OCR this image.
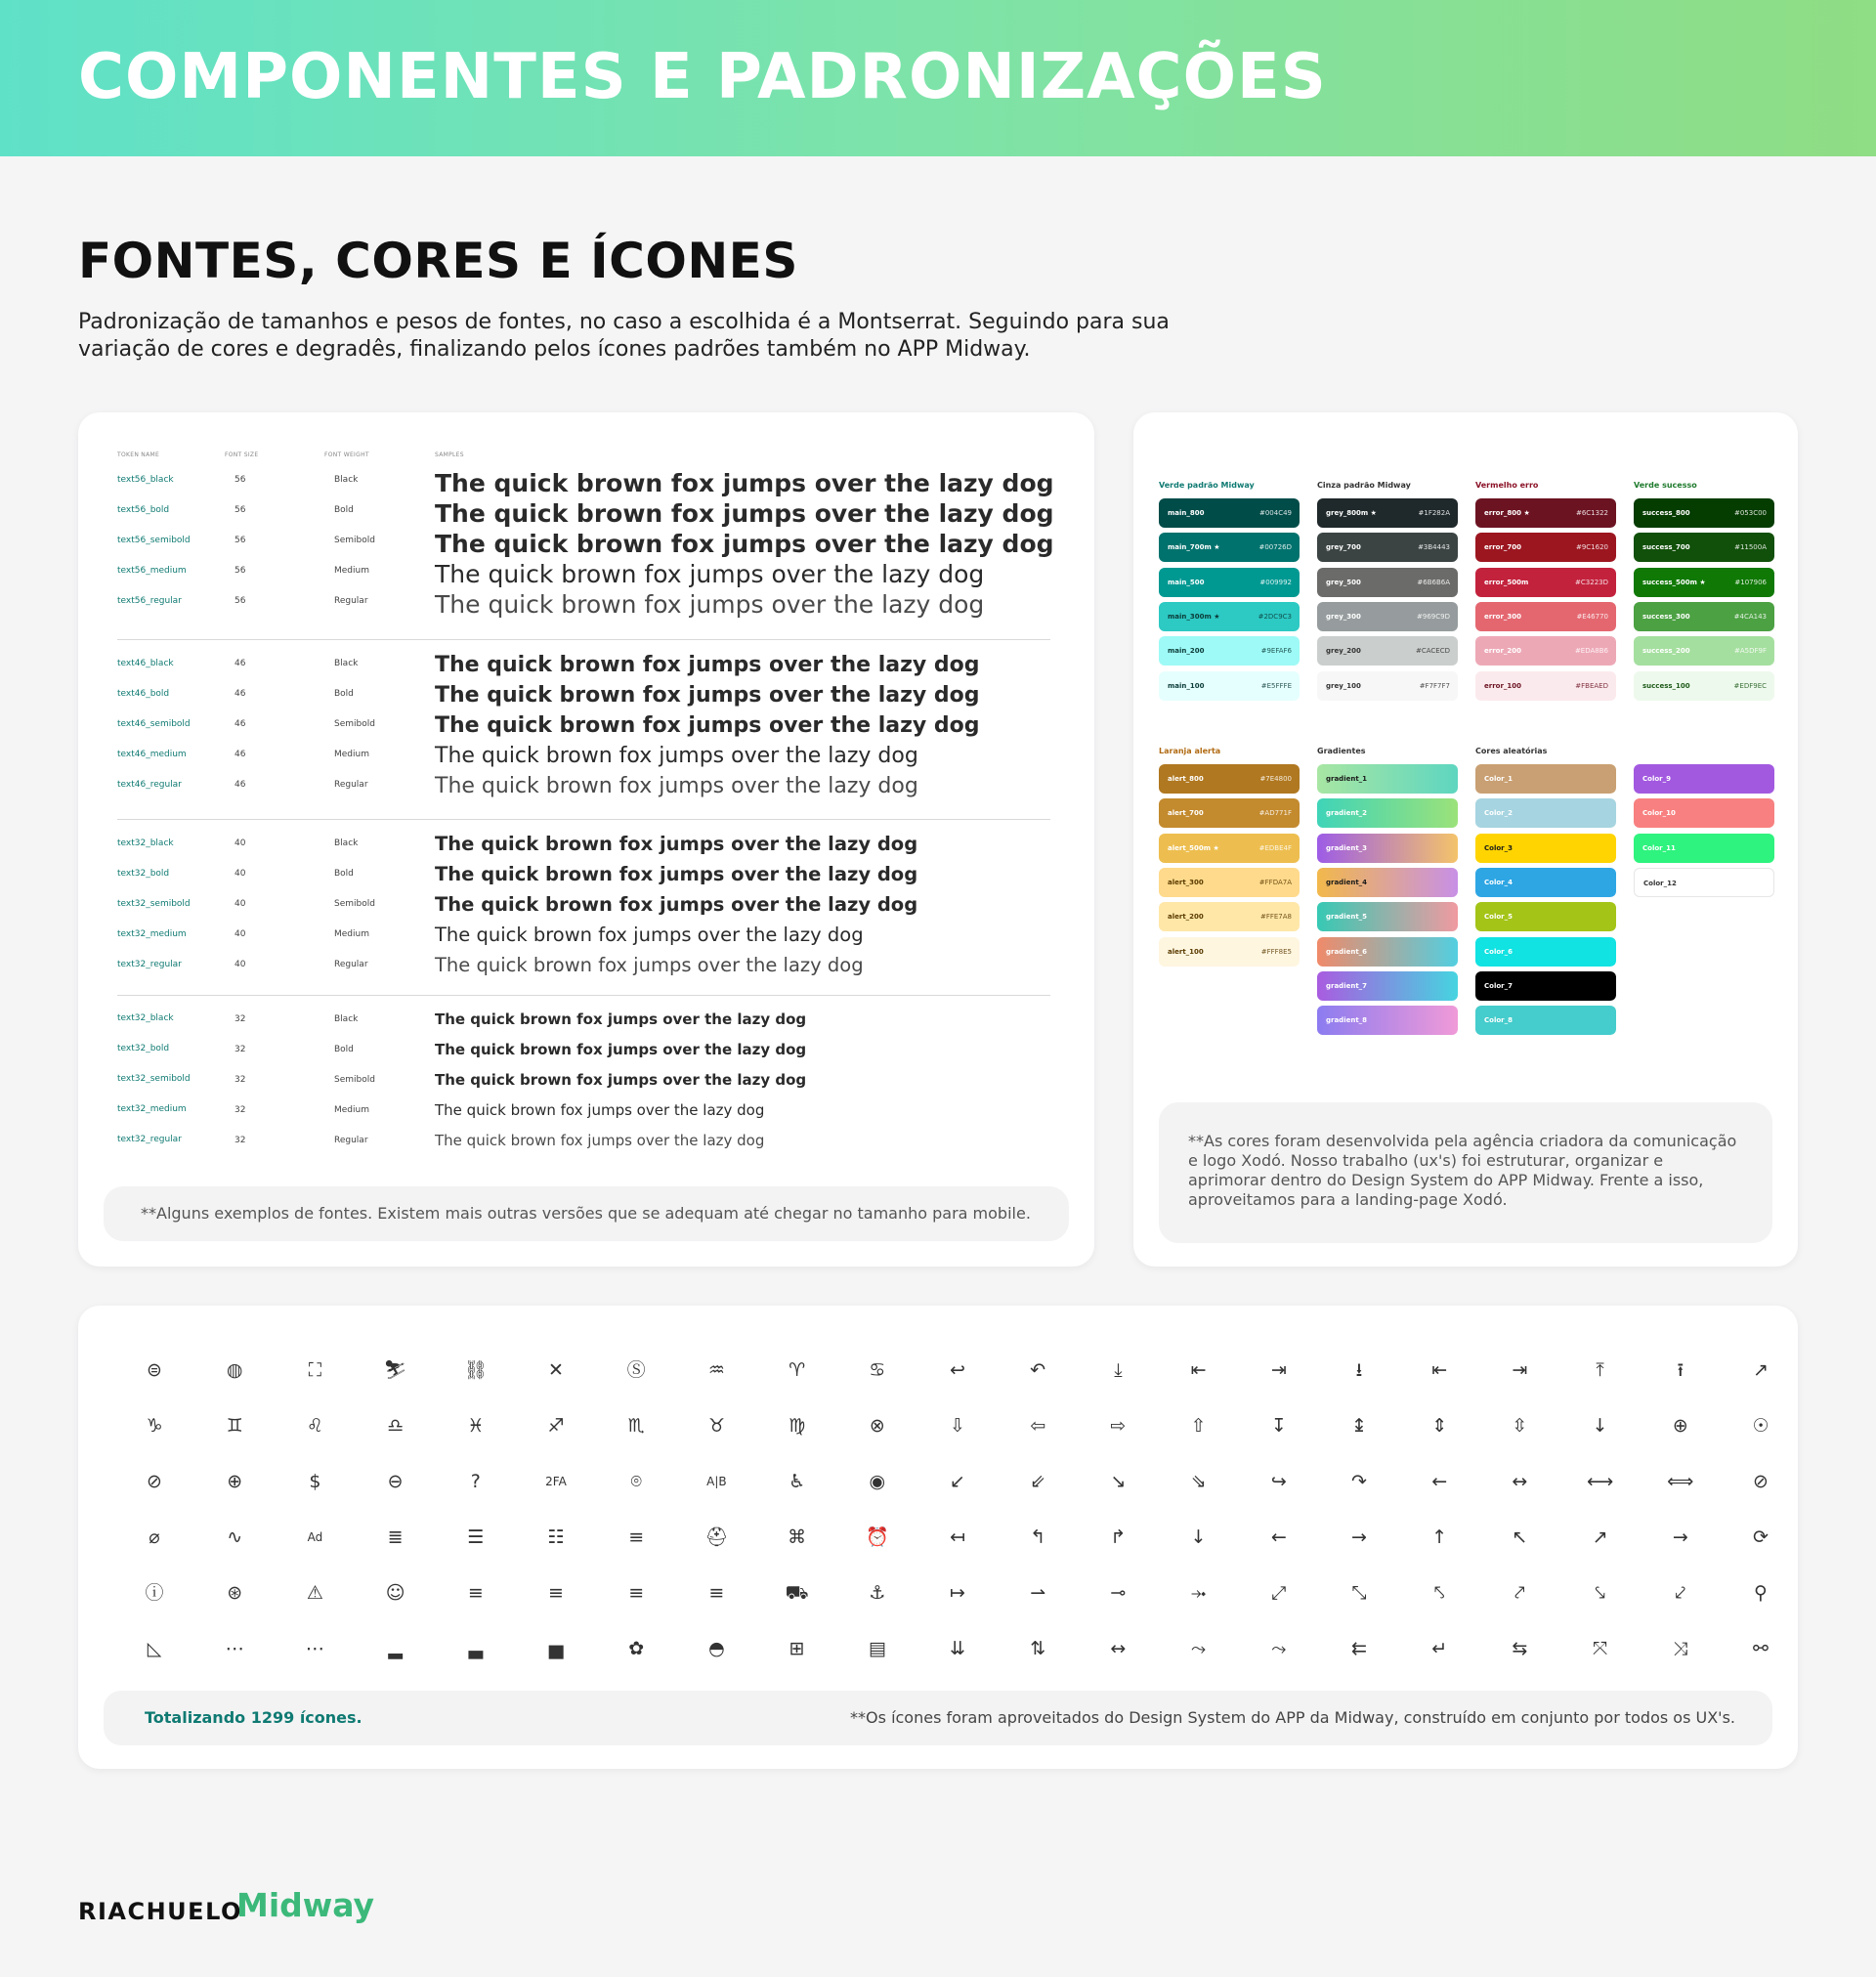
COMPONENTES E PADRONIZAÇÕES
FONTES, CORES E ÍCONES
Padronização de tamanhos e pesos de fontes, no caso a escolhida é a Montserrat. Seguindo para sua variação de cores e degradês, finalizando pelos ícones padrões também no APP Midway.
TOKEN NAME	FONT SIZE	FONT WEIGHT	SAMPLES
text56_black	56	Black	The quick brown fox jumps over the lazy dog
text56_bold	56	Bold	The quick brown fox jumps over the lazy dog
text56_semibold	56	Semibold The quick brown fox jumps over the lazy dog
text56_medium	56	Medium	The quick brown fox jumps over the lazy dog
text56_regular	56	Regular	The quick brown fox jumps over the lazy dog
text46_black	46	Black	The quick brown fox jumps over the lazy dog
text46_bold	46	Bold	The quick brown fox jumps over the lazy dog
text46_semibold	46	Semibold	The quick brown fox jumps over the lazy dog
text46_medium	46	Medium	The quick brown fox jumps over the lazy dog
text46_regular	46	Regular	The quick brown fox jumps over the lazy dog
text32_black	40	Black	The quick brown fox jumps over the lazy dog
text32_bold	40	Bold	The quick brown fox jumps over the lazy dog
text32_semibold	40	Semibold	The quick brown fox jumps over the lazy dog
text32_medium	40	Medium	The quick brown fox jumps over the lazy dog
text32_regular	40	Regular	The quick brown fox jumps over the lazy dog
text32_black	32	Black	The quick brown fox jumps over the lazy dog
text32_bold	32	Bold	The quick brown fox jumps over the lazy dog
text32_semibold	32	Semibold	The quick brown fox jumps over the lazy dog
text32_medium	32	Medium	The quick brown fox jumps over the lazy dog
text32_regular	32	Regular	The quick brown fox jumps over the lazy dog
**Alguns exemplos de fontes. Existem mais outras versões que se adequam até chegar no tamanho para mobile.
Verde padrão Midway
main_800	#004C49
main_700m ★	#00726D
main_500	#009992
main_300m ★	#2DC9C3
main_200	#9EFAF6
main_100	#E5FFFE
Cinza padrão Midway
grey_800m ★	#1F282A
grey_700	#3B4443
grey_500	#6B6B6A
grey_300	#969C9D
grey_200	#CACECD
grey_100	#F7F7F7
Vermelho erro
error_800 ★	#6C1322
error_700	#9C1620
error_500m	#C3223D
error_300	#E46770
error_200	#EDA8B6
error_100	#FBEAED
Verde sucesso
success_800	#053C00
success_700	#11500A
success_500m ★	#107906
success_300	#4CA143
success_200	#A5DF9F
success_100	#EDF9EC
Laranja alerta
alert_800	#7E4800
alert_700	#AD771F
alert_500m ★	#EDBE4F
alert_300	#FFDA7A
alert_200	#FFE7A8
alert_100	#FFF8E5
Gradientes
gradient_1
gradient_2
gradient_3
gradient_4
gradient_5
gradient_6
gradient_7
gradient_8
Cores aleatórias
Color_1
Color_2
Color_3
Color_4
Color_5
Color_6
Color_7
Color_8
Color_9
Color_10
Color_11
Color_12
**As cores foram desenvolvida pela agência criadora da comunicação e logo Xodó. Nosso trabalho (ux's) foi estruturar, organizar e aprimorar dentro do Design System do APP Midway. Frente a isso, aproveitamos para a landing-page Xodó.
⊜	◍	⛶	⛷	⛓	✕	Ⓢ	♒	♈	♋	↩	↶	⤓	⇤	⇥	⭳	⇤	⇥	⤒	⭱	↗
♑	♊	♌	♎	♓	♐	♏	♉	♍	⊗	⇩	⇦	⇨	⇧	↧	↨	⇕	⇳	↓	⊕	☉
⊘	⊕	$	⊖	?	2FA	⌾	A|B	♿	◉	↙	⇙	↘	⇘	↪	↷	←	↔	⟷	⟺	⊘
⌀	∿	Ad	≣	☰	☷	≡	⛑	⌘	⏰	↤	↰	↱	↓	←	→	↑	↖	↗	→	⟳
ⓘ	⊛	⚠	☺	≡	≡	≡	≡	⛟	⚓	↦	⇀	⊸	⤞	⤢	⤡	⤣	⤤	⤥	⤦	⚲
◺	⋯	⋯	▂	▃	▅	✿	◓	⊞	▤	⇊	⇅	↔	⤳	⤳	⇇	↵	⇆	⤧	⤨	⚯
Totalizando 1299 ícones.	**Os ícones foram aproveitados do Design System do APP da Midway, construído em conjunto por todos os UX's.
RIACHUELO
Midway
